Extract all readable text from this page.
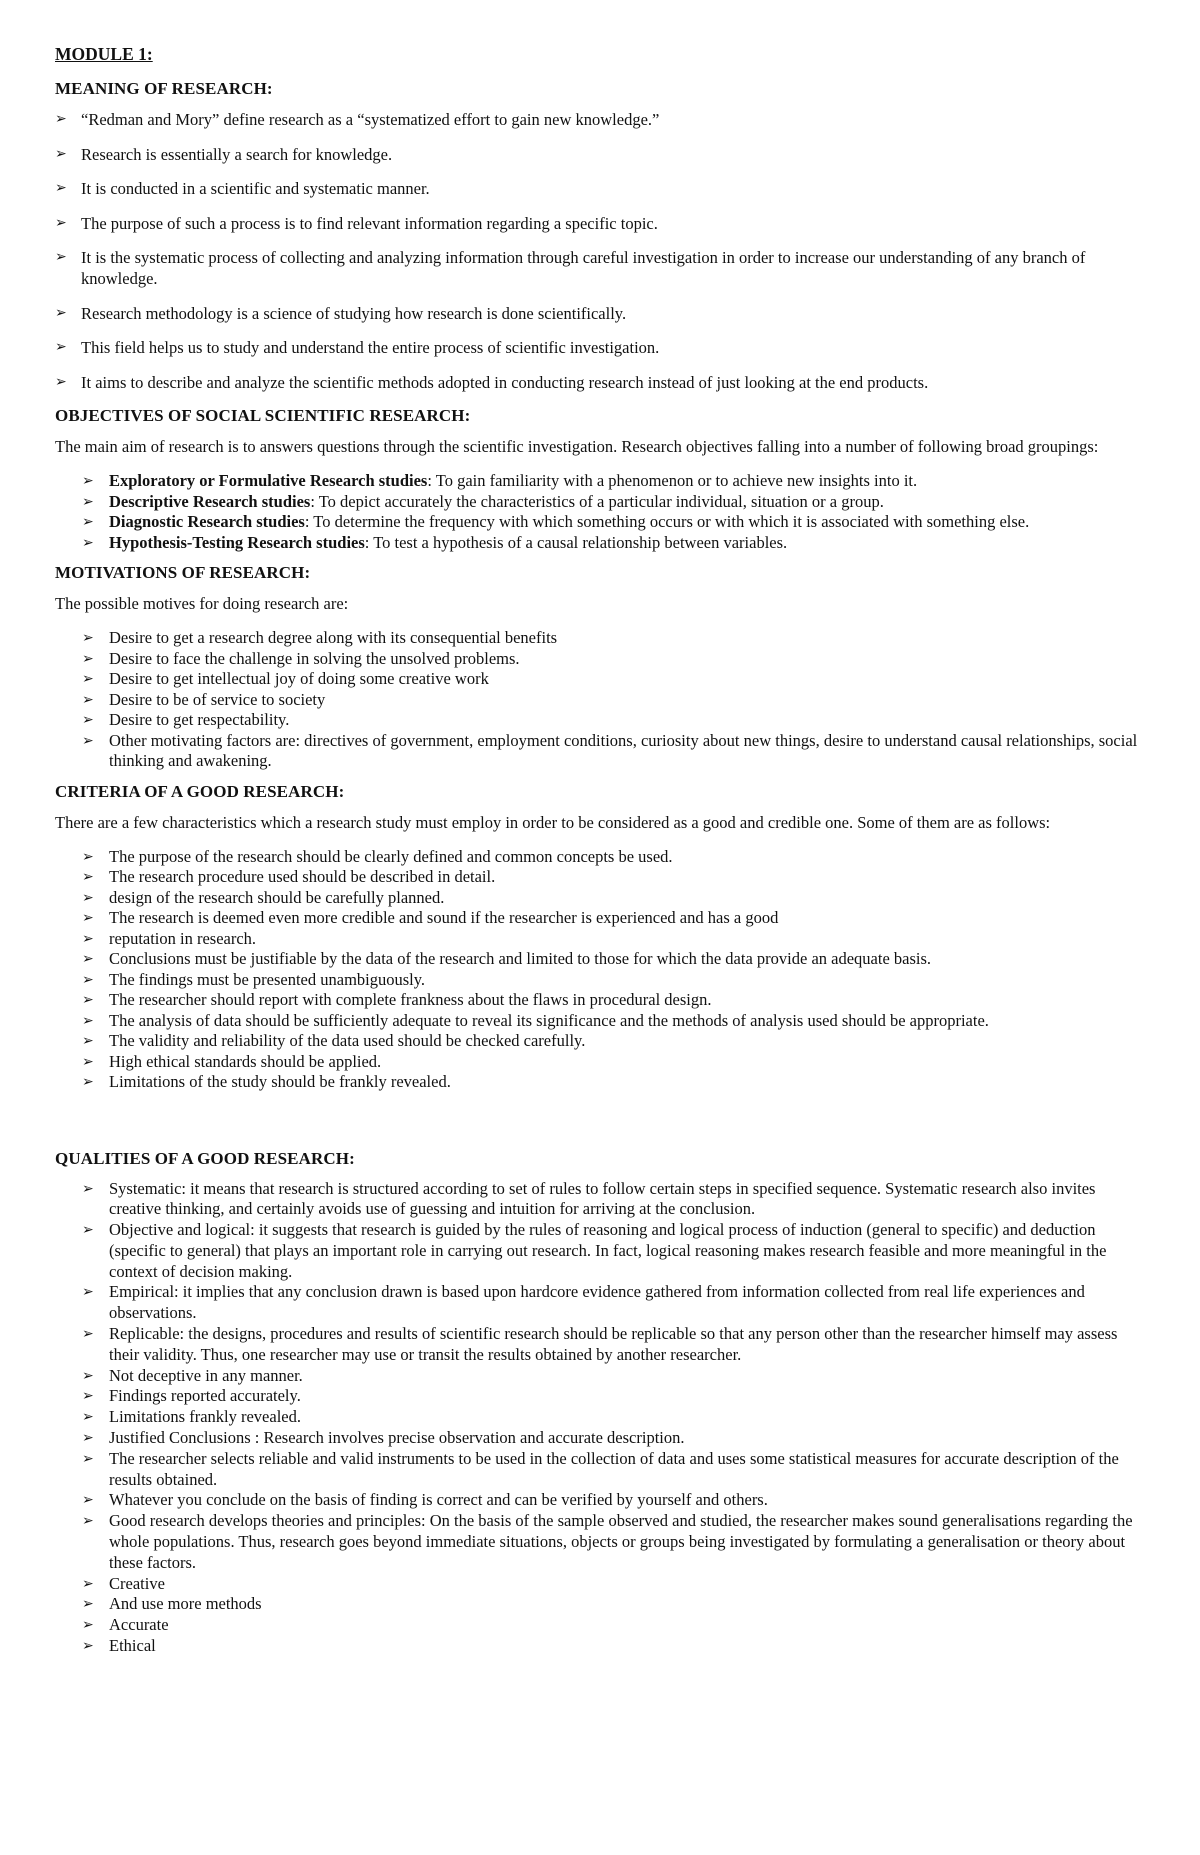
MODULE 1:
MEANING OF RESEARCH:
➢ “Redman and Mory” define research as a “systematized effort to gain new knowledge.”
➢ Research is essentially a search for knowledge.
➢ It is conducted in a scientific and systematic manner.
➢ The purpose of such a process is to find relevant information regarding a specific topic.
➢ It is the systematic process of collecting and analyzing information through careful investigation in order to increase our understanding of any branch of knowledge.
➢ Research methodology is a science of studying how research is done scientifically.
➢ This field helps us to study and understand the entire process of scientific investigation.
➢ It aims to describe and analyze the scientific methods adopted in conducting research instead of just looking at the end products.
OBJECTIVES OF SOCIAL SCIENTIFIC RESEARCH:

The main aim of research is to answers questions through the scientific investigation. Research objectives falling into a number of following broad groupings:

➢ Exploratory or Formulative Research studies: To gain familiarity with a phenomenon or to achieve new insights into it.
➢ Descriptive Research studies: To depict accurately the characteristics of a particular individual, situation or a group.
➢ Diagnostic Research studies: To determine the frequency with which something occurs or with which it is associated with something else.
➢ Hypothesis-Testing Research studies: To test a hypothesis of a causal relationship between variables.
MOTIVATIONS OF RESEARCH:

The possible motives for doing research are:

➢ Desire to get a research degree along with its consequential benefits
➢ Desire to face the challenge in solving the unsolved problems.
➢ Desire to get intellectual joy of doing some creative work
➢ Desire to be of service to society
➢ Desire to get respectability.
➢ Other motivating factors are: directives of government, employment conditions, curiosity about new things, desire to understand causal relationships, social thinking and awakening.
CRITERIA OF A GOOD RESEARCH:

There are a few characteristics which a research study must employ in order to be considered as a good and credible one. Some of them are as follows:

➢ The purpose of the research should be clearly defined and common concepts be used.
➢ The research procedure used should be described in detail.
➢ design of the research should be carefully planned.
➢ The research is deemed even more credible and sound if the researcher is experienced and has a good
➢ reputation in research.
➢ Conclusions must be justifiable by the data of the research and limited to those for which the data provide an adequate basis.
➢ The findings must be presented unambiguously.
➢ The researcher should report with complete frankness about the flaws in procedural design.
➢ The analysis of data should be sufficiently adequate to reveal its significance and the methods of analysis used should be appropriate.
➢ The validity and reliability of the data used should be checked carefully.
➢ High ethical standards should be applied.
➢ Limitations of the study should be frankly revealed.
QUALITIES OF A GOOD RESEARCH:
➢ Systematic: it means that research is structured according to set of rules to follow certain steps in specified sequence. Systematic research also invites creative thinking, and certainly avoids use of guessing and intuition for arriving at the conclusion.
➢ Objective and logical: it suggests that research is guided by the rules of reasoning and logical process of induction (general to specific) and deduction (specific to general) that plays an important role in carrying out research. In fact, logical reasoning makes research feasible and more meaningful in the context of decision making.
➢ Empirical: it implies that any conclusion drawn is based upon hardcore evidence gathered from information collected from real life experiences and observations.
➢ Replicable: the designs, procedures and results of scientific research should be replicable so that any person other than the researcher himself may assess their validity. Thus, one researcher may use or transit the results obtained by another researcher.
➢ Not deceptive in any manner.
➢ Findings reported accurately.
➢ Limitations frankly revealed.
➢ Justified Conclusions : Research involves precise observation and accurate description.
➢ The researcher selects reliable and valid instruments to be used in the collection of data and uses some statistical measures for accurate description of the results obtained.
➢ Whatever you conclude on the basis of finding is correct and can be verified by yourself and others.
➢ Good research develops theories and principles: On the basis of the sample observed and studied, the researcher makes sound generalisations regarding the whole populations. Thus, research goes beyond immediate situations, objects or groups being investigated by formulating a generalisation or theory about these factors.
➢ Creative
➢ And use more methods
➢ Accurate
➢ Ethical
